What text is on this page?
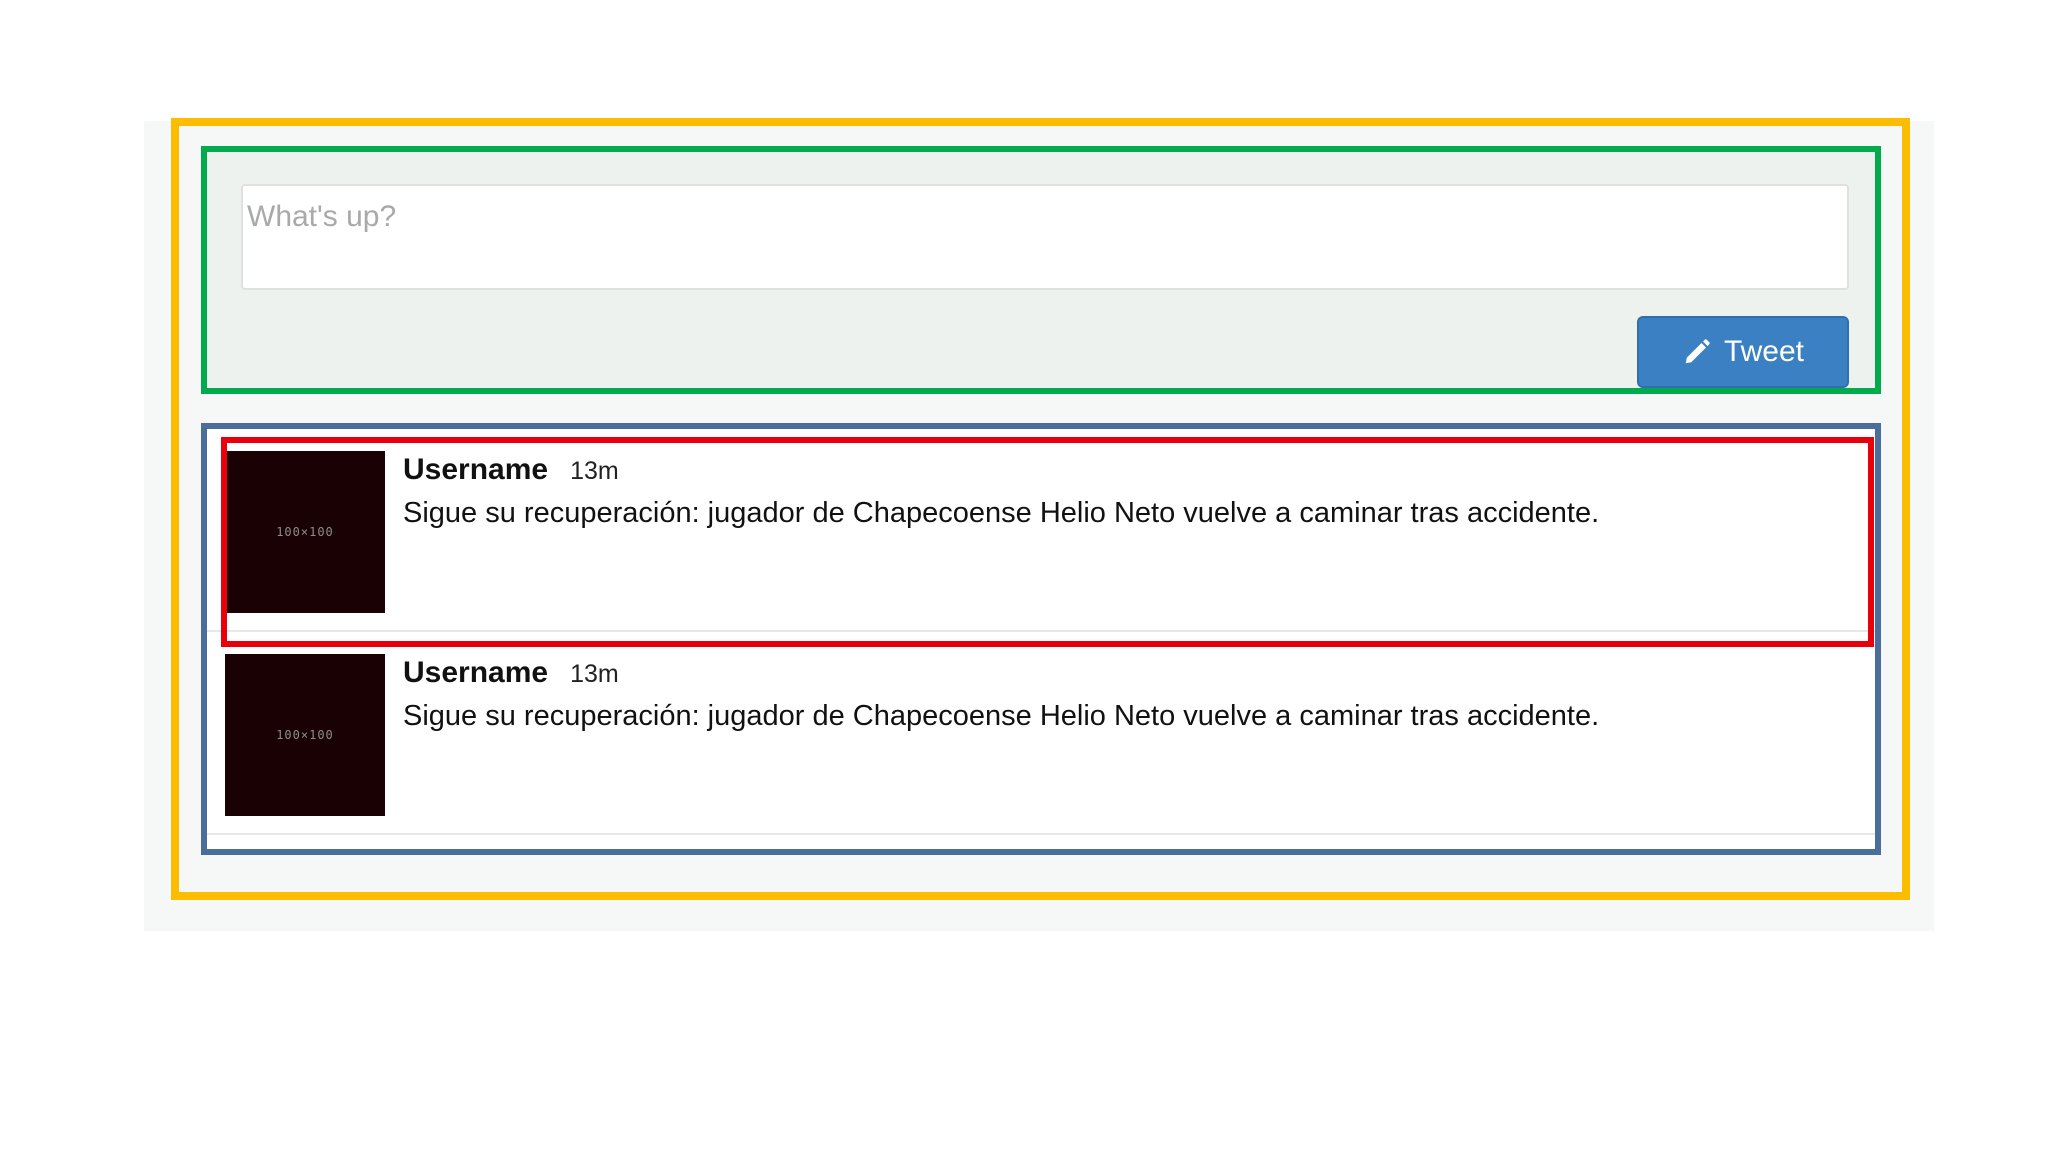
What's up?
Tweet
100×100
Username 13m
Sigue su recuperación: jugador de Chapecoense Helio Neto vuelve a caminar tras accidente.
100×100
Username 13m
Sigue su recuperación: jugador de Chapecoense Helio Neto vuelve a caminar tras accidente.
